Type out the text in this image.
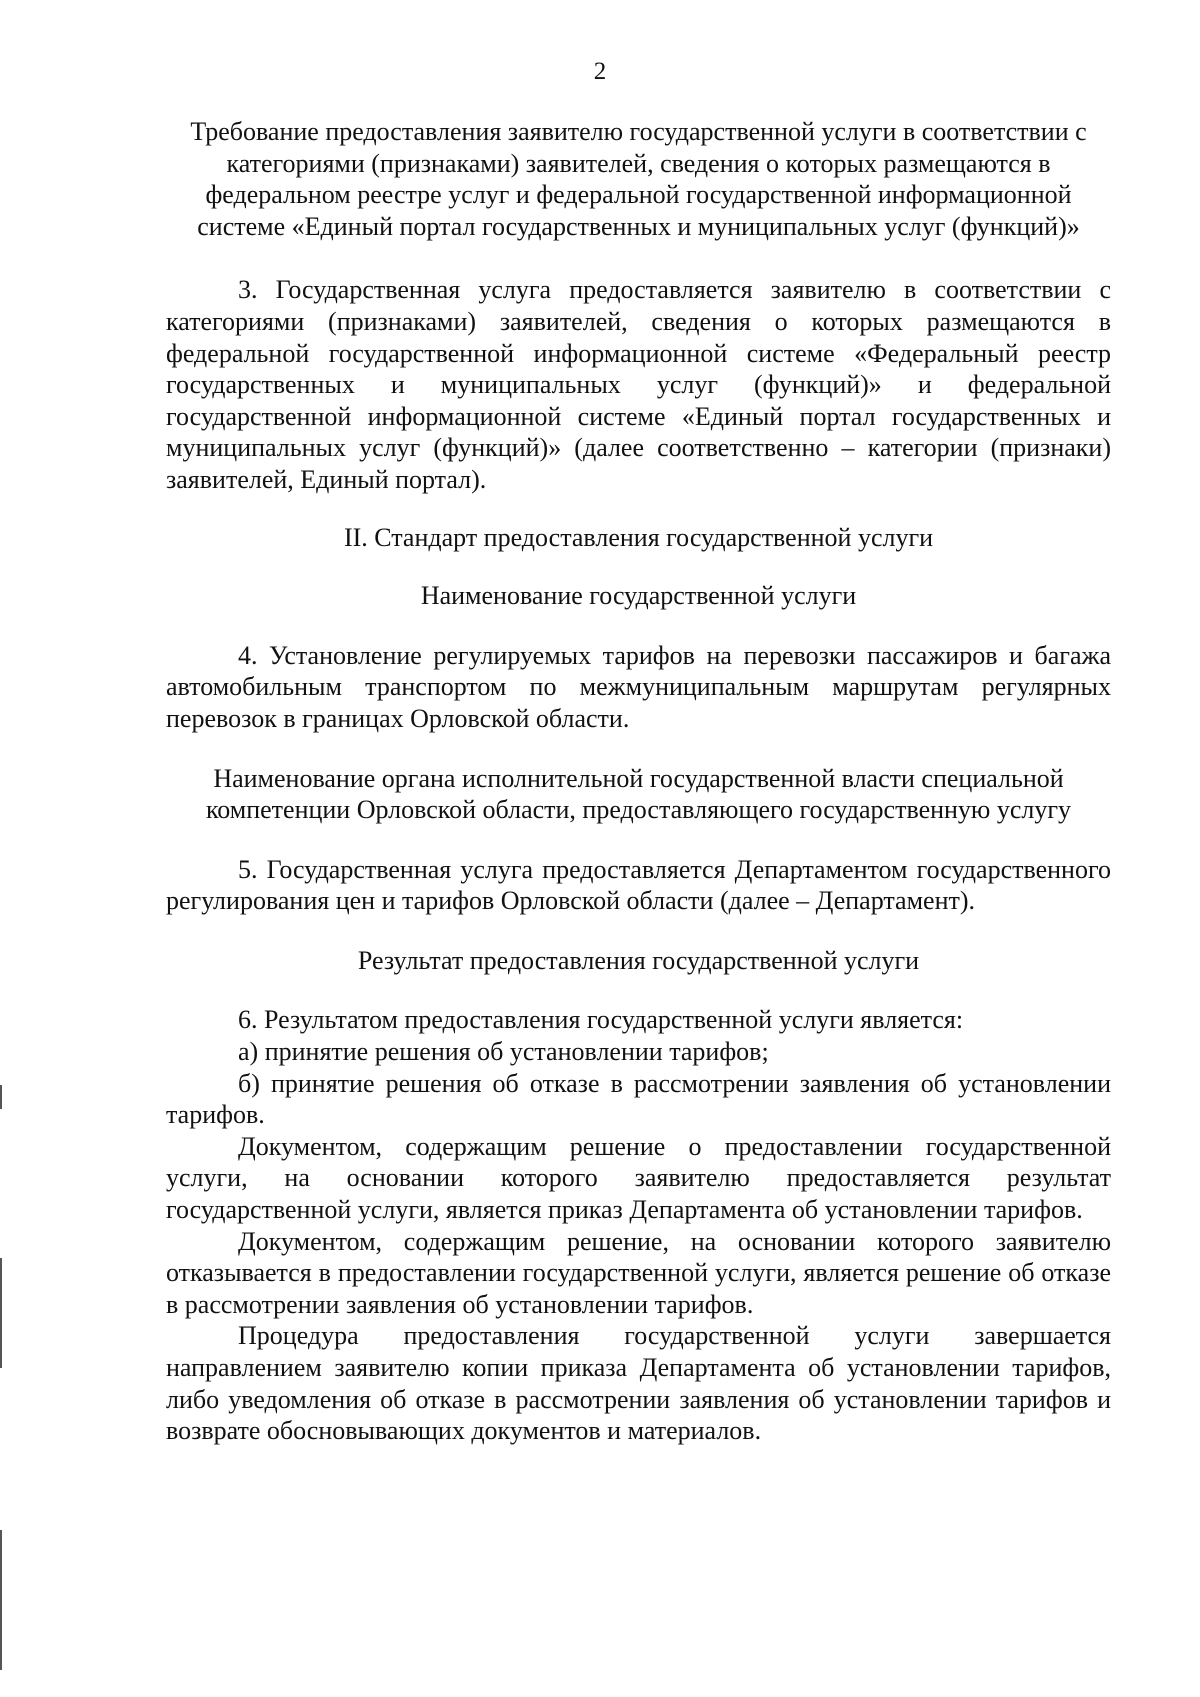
2

Требование предоставления заявителю государственной услуги в соответствии с категориями (признаками) заявителей, сведения о которых размещаются в федеральном реестре услуг и федеральной государственной информационной системе «Единый портал государственных и муниципальных услуг (функций)»

3. Государственная услуга предоставляется заявителю в соответствии с категориями (признаками) заявителей, сведения о которых размещаются в федеральной государственной информационной системе «Федеральный реестр государственных и муниципальных услуг (функций)» и федеральной государственной информационной системе «Единый портал государственных и муниципальных услуг (функций)» (далее соответственно – категории (признаки) заявителей, Единый портал).

II. Стандарт предоставления государственной услуги

Наименование государственной услуги

4. Установление регулируемых тарифов на перевозки пассажиров и багажа автомобильным транспортом по межмуниципальным маршрутам регулярных перевозок в границах Орловской области.

Наименование органа исполнительной государственной власти специальной компетенции Орловской области, предоставляющего государственную услугу

5. Государственная услуга предоставляется Департаментом государственного регулирования цен и тарифов Орловской области (далее – Департамент).

Результат предоставления государственной услуги

6. Результатом предоставления государственной услуги является:

а) принятие решения об установлении тарифов;

б) принятие решения об отказе в рассмотрении заявления об установлении тарифов.

Документом, содержащим решение о предоставлении государственной услуги, на основании которого заявителю предоставляется результат государственной услуги, является приказ Департамента об установлении тарифов.

Документом, содержащим решение, на основании которого заявителю отказывается в предоставлении государственной услуги, является решение об отказе в рассмотрении заявления об установлении тарифов.

Процедура предоставления государственной услуги завершается направлением заявителю копии приказа Департамента об установлении тарифов, либо уведомления об отказе в рассмотрении заявления об установлении тарифов и возврате обосновывающих документов и материалов.
